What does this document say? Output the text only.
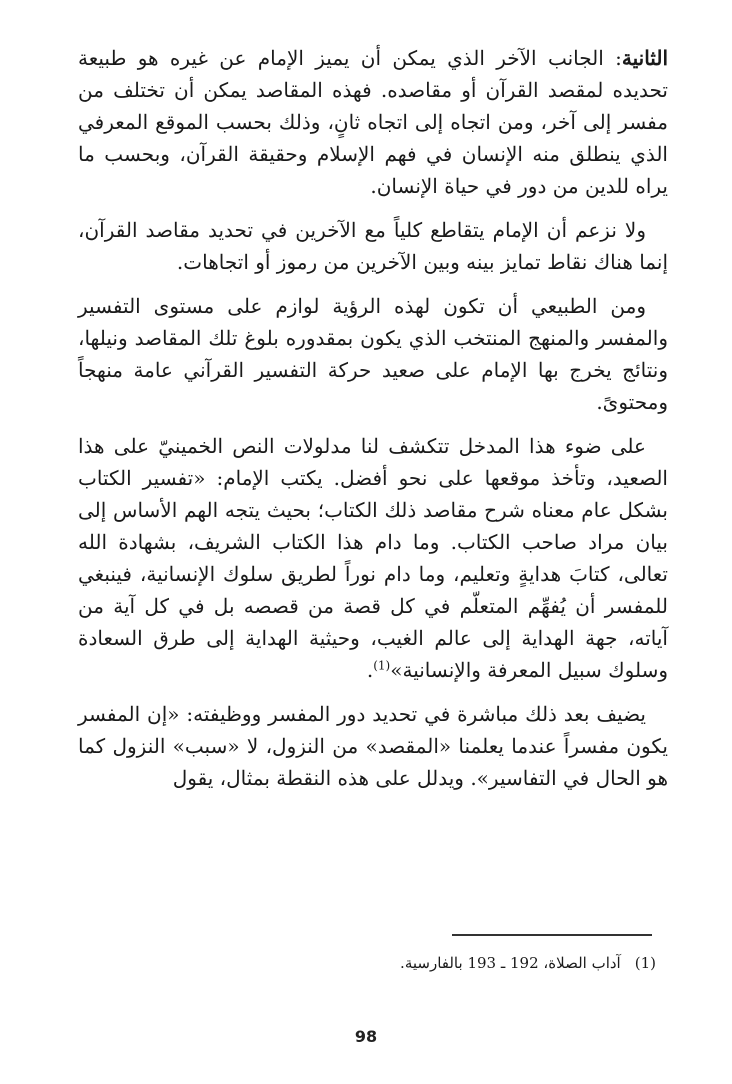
الثانية: الجانب الآخر الذي يمكن أن يميز الإمام عن غيره هو طبيعة تحديده لمقصد القرآن أو مقاصده. فهذه المقاصد يمكن أن تختلف من مفسر إلى آخر، ومن اتجاه إلى اتجاه ثانٍ، وذلك بحسب الموقع المعرفي الذي ينطلق منه الإنسان في فهم الإسلام وحقيقة القرآن، وبحسب ما يراه للدين من دور في حياة الإنسان.

ولا نزعم أن الإمام يتقاطع كلياً مع الآخرين في تحديد مقاصد القرآن، إنما هناك نقاط تمايز بينه وبين الآخرين من رموز أو اتجاهات.

ومن الطبيعي أن تكون لهذه الرؤية لوازم على مستوى التفسير والمفسر والمنهج المنتخب الذي يكون بمقدوره بلوغ تلك المقاصد ونيلها، ونتائج يخرج بها الإمام على صعيد حركة التفسير القرآني عامة منهجاً ومحتوىً.

على ضوء هذا المدخل تتكشف لنا مدلولات النص الخمينيّ على هذا الصعيد، وتأخذ موقعها على نحو أفضل. يكتب الإمام: «تفسير الكتاب بشكل عام معناه شرح مقاصد ذلك الكتاب؛ بحيث يتجه الهم الأساس إلى بيان مراد صاحب الكتاب. وما دام هذا الكتاب الشريف، بشهادة الله تعالى، كتابَ هدايةٍ وتعليم، وما دام نوراً لطريق سلوك الإنسانية، فينبغي للمفسر أن يُفهِّم المتعلّم في كل قصة من قصصه بل في كل آية من آياته، جهة الهداية إلى عالم الغيب، وحيثية الهداية إلى طرق السعادة وسلوك سبيل المعرفة والإنسانية»$^{(1)}$.

يضيف بعد ذلك مباشرة في تحديد دور المفسر ووظيفته: «إن المفسر يكون مفسراً عندما يعلمنا «المقصد» من النزول، لا «سبب» النزول كما هو الحال في التفاسير». ويدلل على هذه النقطة بمثال، يقول

(1)آداب الصلاة، 192 ـ 193 بالفارسية.
98
